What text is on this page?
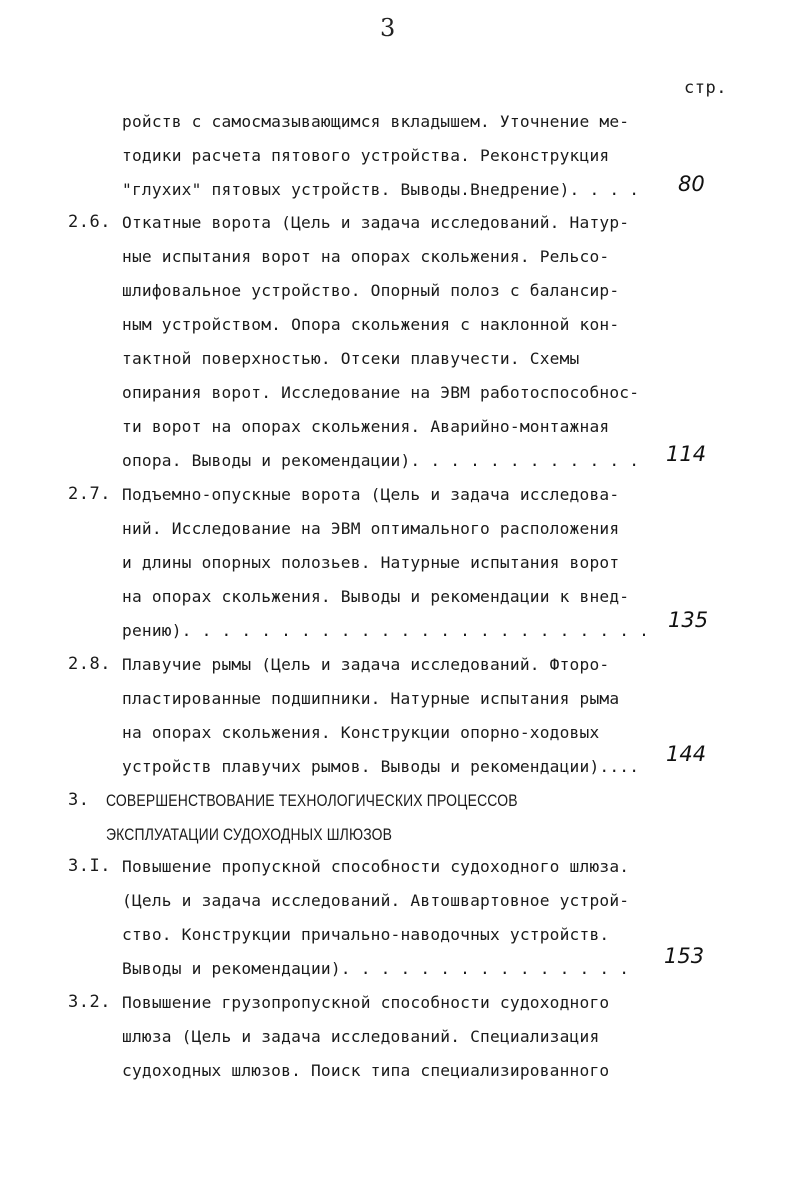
3
стр.
ройств с самосмазывающимся вкладышем. Уточнение ме-
тодики расчета пятового устройства. Реконструкция
"глухих" пятовых устройств. Выводы.Внедрение). . . . 80
2.6. Откатные ворота (Цель и задача исследований. Натур-
ные испытания ворот на опорах скольжения. Рельсо-
шлифовальное устройство. Опорный полоз с балансир-
ным устройством. Опора скольжения с наклонной кон-
тактной поверхностью. Отсеки плавучести. Схемы
опирания ворот. Исследование на ЭВМ работоспособнос-
ти ворот на опорах скольжения. Аварийно-монтажная
опора. Выводы и рекомендации). . . . . . . . . . . . 114
2.7. Подъемно-опускные ворота (Цель и задача исследова-
ний. Исследование на ЭВМ оптимального расположения
и длины опорных полозьев. Натурные испытания ворот
на опорах скольжения. Выводы и рекомендации к внед-
рению). . . . . . . . . . . . . . . . . . . . . . . . 135
2.8. Плавучие рымы (Цель и задача исследований. Фторо-
пластированные подшипники. Натурные испытания рыма
на опорах скольжения. Конструкции опорно-ходовых
устройств плавучих рымов. Выводы и рекомендации)....
144
3. СОВЕРШЕНСТВОВАНИЕ ТЕХНОЛОГИЧЕСКИХ ПРОЦЕССОВ
ЭКСПЛУАТАЦИИ СУДОХОДНЫХ ШЛЮЗОВ
3.I. Повышение пропускной способности судоходного шлюза.
(Цель и задача исследований. Автошвартовное устрой-
ство. Конструкции причально-наводочных устройств.
Выводы и рекомендации). . . . . . . . . . . . . . .
153
3.2. Повышение грузопропускной способности судоходного
шлюза (Цель и задача исследований. Специализация
судоходных шлюзов. Поиск типа специализированного
